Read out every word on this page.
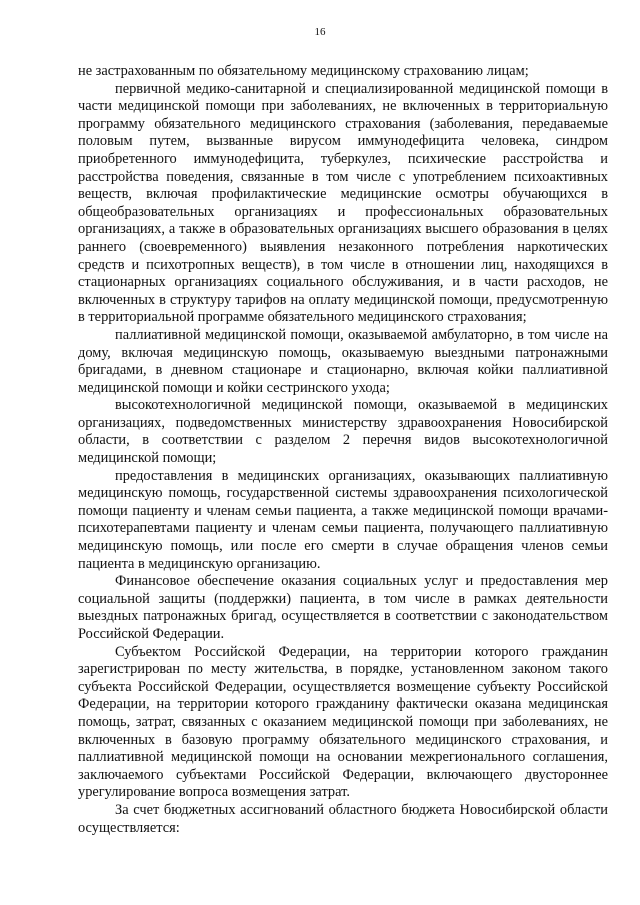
16

не застрахованным по обязательному медицинскому страхованию лицам;

первичной медико-санитарной и специализированной медицинской помощи в части медицинской помощи при заболеваниях, не включенных в территориальную программу обязательного медицинского страхования (заболевания, передаваемые половым путем, вызванные вирусом иммунодефицита человека, синдром приобретенного иммунодефицита, туберкулез, психические расстройства и расстройства поведения, связанные в том числе с употреблением психоактивных веществ, включая профилактические медицинские осмотры обучающихся в общеобразовательных организациях и профессиональных образовательных организациях, а также в образовательных организациях высшего образования в целях раннего (своевременного) выявления незаконного потребления наркотических средств и психотропных веществ), в том числе в отношении лиц, находящихся в стационарных организациях социального обслуживания, и в части расходов, не включенных в структуру тарифов на оплату медицинской помощи, предусмотренную в территориальной программе обязательного медицинского страхования;

паллиативной медицинской помощи, оказываемой амбулаторно, в том числе на дому, включая медицинскую помощь, оказываемую выездными патронажными бригадами, в дневном стационаре и стационарно, включая койки паллиативной медицинской помощи и койки сестринского ухода;

высокотехнологичной медицинской помощи, оказываемой в медицинских организациях, подведомственных министерству здравоохранения Новосибирской области, в соответствии с разделом 2 перечня видов высокотехнологичной медицинской помощи;

предоставления в медицинских организациях, оказывающих паллиативную медицинскую помощь, государственной системы здравоохранения психологической помощи пациенту и членам семьи пациента, а также медицинской помощи врачами-психотерапевтами пациенту и членам семьи пациента, получающего паллиативную медицинскую помощь, или после его смерти в случае обращения членов семьи пациента в медицинскую организацию.

Финансовое обеспечение оказания социальных услуг и предоставления мер социальной защиты (поддержки) пациента, в том числе в рамках деятельности выездных патронажных бригад, осуществляется в соответствии с законодательством Российской Федерации.

Субъектом Российской Федерации, на территории которого гражданин зарегистрирован по месту жительства, в порядке, установленном законом такого субъекта Российской Федерации, осуществляется возмещение субъекту Российской Федерации, на территории которого гражданину фактически оказана медицинская помощь, затрат, связанных с оказанием медицинской помощи при заболеваниях, не включенных в базовую программу обязательного медицинского страхования, и паллиативной медицинской помощи на основании межрегионального соглашения, заключаемого субъектами Российской Федерации, включающего двустороннее урегулирование вопроса возмещения затрат.

За счет бюджетных ассигнований областного бюджета Новосибирской области осуществляется:
